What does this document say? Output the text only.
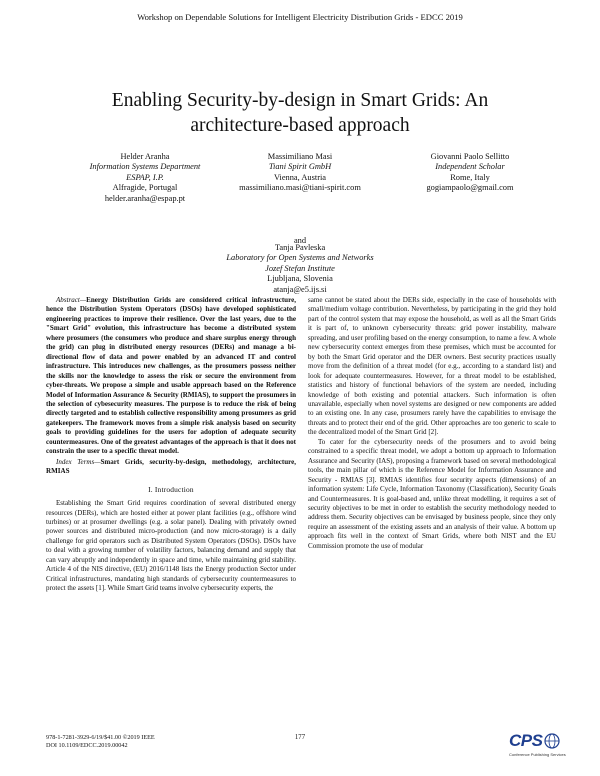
Workshop on Dependable Solutions for Intelligent Electricity Distribution Grids - EDCC 2019
Enabling Security-by-design in Smart Grids: An
architecture-based approach
Helder Aranha
Information Systems Department
ESPAP, I.P.
Alfragide, Portugal
helder.aranha@espap.pt
Massimiliano Masi
Tiani Spirit GmbH
Vienna, Austria
massimiliano.masi@tiani-spirit.com
Giovanni Paolo Sellitto
Independent Scholar
Rome, Italy
gogiampaolo@gmail.com
and
Tanja Pavleska
Laboratory for Open Systems and Networks
Jozef Stefan Institute
Ljubljana, Slovenia
atanja@e5.ijs.si

Abstract—Energy Distribution Grids are considered critical infrastructure, hence the Distribution System Operators (DSOs) have developed sophisticated engineering practices to improve their resilience. Over the last years, due to the "Smart Grid" evolution, this infrastructure has become a distributed system where prosumers (the consumers who produce and share surplus energy through the grid) can plug in distributed energy resources (DERs) and manage a bi-directional flow of data and power enabled by an advanced IT and control infrastructure. This introduces new challenges, as the prosumers possess neither the skills nor the knowledge to assess the risk or secure the environment from cyber-threats. We propose a simple and usable approach based on the Reference Model of Information Assurance & Security (RMIAS), to support the prosumers in the selection of cybesecurity measures. The purpose is to reduce the risk of being directly targeted and to establish collective responsibility among prosumers as grid gatekeepers. The framework moves from a simple risk analysis based on security goals to providing guidelines for the users for adoption of adequate security countermeasures. One of the greatest advantages of the approach is that it does not constrain the user to a specific threat model.

Index Terms—Smart Grids, security-by-design, methodology, architecture, RMIAS

I. Introduction

Establishing the Smart Grid requires coordination of several distributed energy resources (DERs), which are hosted either at power plant facilities (e.g., offshore wind turbines) or at prosumer dwellings (e.g. a solar panel). Dealing with privately owned power sources and distributed micro-production (and now micro-storage) is a daily challenge for grid operators such as Distributed System Operators (DSOs). DSOs have to deal with a growing number of volatility factors, balancing demand and supply that can vary abruptly and independently in space and time, while maintaining grid stability. Article 4 of the NIS directive, (EU) 2016/1148 lists the Energy production Sector under Critical infrastructures, mandating high standards of cybersecurity countermeasures to protect the assets [1]. While Smart Grid teams involve cybersecurity experts, the

same cannot be stated about the DERs side, especially in the case of households with small/medium voltage contribution. Nevertheless, by participating in the grid they hold part of the control system that may expose the household, as well as all the Smart Grids it is part of, to unknown cybersecurity threats: grid power instability, malware spreading, and user profiling based on the energy consumption, to name a few. A whole new cybersecurity context emerges from these premises, which must be accounted for by both the Smart Grid operator and the DER owners. Best security practices usually move from the definition of a threat model (for e.g., according to a standard list) and look for adequate countermeasures. However, for a threat model to be established, statistics and history of functional behaviors of the system are needed, including knowledge of both existing and potential attackers. Such information is often unavailable, especially when novel systems are designed or new components are added to an existing one. In any case, prosumers rarely have the capabilities to envisage the threats and to protect their end of the grid. Other approaches are too generic to scale to the decentralized model of the Smart Grid [2].

To cater for the cybersecurity needs of the prosumers and to avoid being constrained to a specific threat model, we adopt a bottom up approach to Information Assurance and Security (IAS), proposing a framework based on several methodological tools, the main pillar of which is the Reference Model for Information Assurance and Security - RMIAS [3]. RMIAS identifies four security aspects (dimensions) of an information system: Life Cycle, Information Taxonomy (Classification), Security Goals and Countermeasures. It is goal-based and, unlike threat modelling, it requires a set of security objectives to be met in order to establish the security methodology needed to address them. Security objectives can be envisaged by business people, since they only require an assessment of the existing assets and an analysis of their value. A bottom up approach fits well in the context of Smart Grids, where both NIST and the EU Commission promote the use of modular

978-1-7281-3929-6/19/$41.00 ©2019 IEEE
DOI 10.1109/EDCC.2019.00042
177	CPS
Conference Publishing Services
